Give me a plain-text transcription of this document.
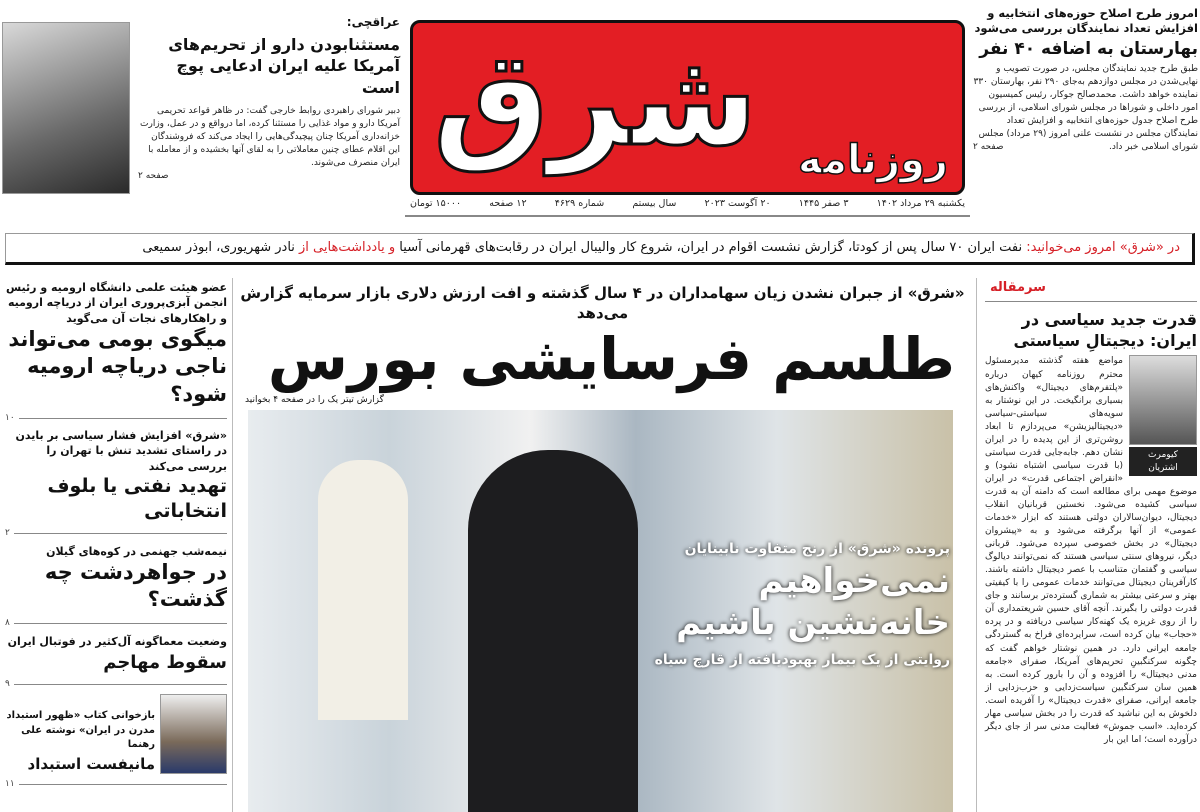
عراقچی:
مستثنابودن دارو از تحریم‌های آمریکا علیه ایران ادعایی پوچ است
دبیر شورای راهبردی روابط خارجی گفت: در ظاهر قواعد تحریمی آمریکا دارو و مواد غذایی را مستثنا کرده، اما درواقع و در عمل، وزارت خزانه‌داری آمریکا چنان پیچیدگی‌هایی را ایجاد می‌کند که فروشندگان این اقلام عطای چنین معاملاتی را به لقای آنها بخشیده و از معامله با ایران منصرف می‌شوند.
صفحه ۲
شرق روزنامه
یکشنبه ۲۹ مرداد ۱۴۰۲
۳ صفر ۱۴۴۵
۲۰ آگوست ۲۰۲۳
سال بیستم
شماره ۴۶۲۹
۱۲ صفحه
۱۵۰۰۰ تومان
امروز طرح اصلاح حوزه‌های انتخابیه و افزایش تعداد نمایندگان بررسی می‌شود
بهارستان به اضافه ۴۰ نفر
طبق طرح جدید نمایندگان مجلس، در صورت تصویب و نهایی‌شدن در مجلس دوازدهم به‌جای ۲۹۰ نفر، بهارستان ۳۳۰ نماینده خواهد داشت. محمدصالح جوکار، رئیس کمیسیون امور داخلی و شوراها در مجلس شورای اسلامی، از بررسی طرح اصلاح جدول حوزه‌های انتخابیه و افزایش تعداد نمایندگان مجلس در نشست علنی امروز (۲۹ مرداد) مجلس شورای اسلامی خبر داد.
صفحه ۲
در «شرق» امروز می‌خوانید: نفت ایران ۷۰ سال پس از کودتا، گزارش نشست اقوام در ایران، شروع کار والیبال ایران در رقابت‌های قهرمانی آسیا و یادداشت‌هایی از نادر شهریوری، ابوذر سمیعی
«شرق» از جبران نشدن زیان سهامداران در ۴ سال گذشته و افت ارزش دلاری بازار سرمایه گزارش می‌دهد
طلسم فرسایشی بورس
گزارش تیتر یک را در صفحه ۴ بخوانید
پرونده «شرق» از رنج متفاوت نابینایان
نمی‌خواهیم
خانه‌نشین باشیم
روایتی از یک بیمار بهبودیافته از قارچ سیاه
سرمقاله
قدرت جدید سیاسی در ایران: دیجیتالِ سیاستی
کیومرث اشتریان
مواضع هفته گذشته مدیرمسئول محترم روزنامه کیهان درباره «پلتفرم‌های دیجیتال» واکنش‌های بسیاری برانگیخت. در این نوشتار به سویه‌های سیاستی-سیاسی «دیجیتالیزیشن» می‌پردازم تا ابعاد روشن‌تری از این پدیده را در ایران نشان دهم. جابه‌جایی قدرت سیاستی (با قدرت سیاسی اشتباه نشود) و «انقراض اجتماعی قدرت» در ایران موضوع مهمی برای مطالعه است که دامنه آن به قدرت سیاسی کشیده می‌شود. نخستین قربانیان انقلاب دیجیتال، دیوان‌سالاران دولتی هستند که ابزار «خدمات عمومی» از آنها برگرفته می‌شود و به «پیشروان دیجیتال» در بخش خصوصی سپرده می‌شود. قربانی دیگر، نیروهای سنتی سیاسی هستند که نمی‌توانند دیالوگ سیاسی و گفتمان متناسب با عصر دیجیتال داشته باشند. کارآفرینان دیجیتال می‌توانند خدمات عمومی را با کیفیتی بهتر و سرعتی بیشتر به شماری گسترده‌تر برسانند و جای قدرت دولتی را بگیرند. آنچه آقای حسین شریعتمداری آن را از روی غریزه یک کهنه‌کار سیاسی دریافته و در پرده «حجاب» بیان کرده است، سرایرده‌ای فراخ به گستردگی جامعه ایرانی دارد. در همین نوشتار خواهم گفت که چگونه سرکنگبینِ تحریم‌های آمریکا، صفرای «جامعه مدنی دیجیتال» را افزوده و آن را بارور کرده است. به همین سان سرکنگبین سیاست‌زدایی و حزب‌زدایی از جامعه ایرانی، صفرای «قدرت دیجیتال» را آفریده است. دلخوش به این نباشید که قدرت را در بخش سیاسی مهار کرده‌اید. «اسب جموش» فعالیت مدنی سر از جای دیگر درآورده است؛ اما این بار
عضو هیئت علمی دانشگاه ارومیه و رئیس انجمن آبزی‌پروری ایران از دریاچه ارومیه و راهکارهای نجات آن می‌گوید
میگوی بومی می‌تواند ناجی دریاچه ارومیه شود؟
۱۰
«شرق» افزایش فشار سیاسی بر بایدن در راستای تشدید تنش با تهران را بررسی می‌کند
تهدید نفتی یا بلوف انتخاباتی
۲
نیمه‌شب جهنمی در کوه‌های گیلان
در جواهردشت چه گذشت؟
۸
وضعیت معماگونه آل‌کثیر در فوتبال ایران
سقوط مهاجم
۹
بازخوانی کتاب «ظهور استبداد مدرن در ایران» نوشته علی رهنما
مانیفست استبداد
۱۱
